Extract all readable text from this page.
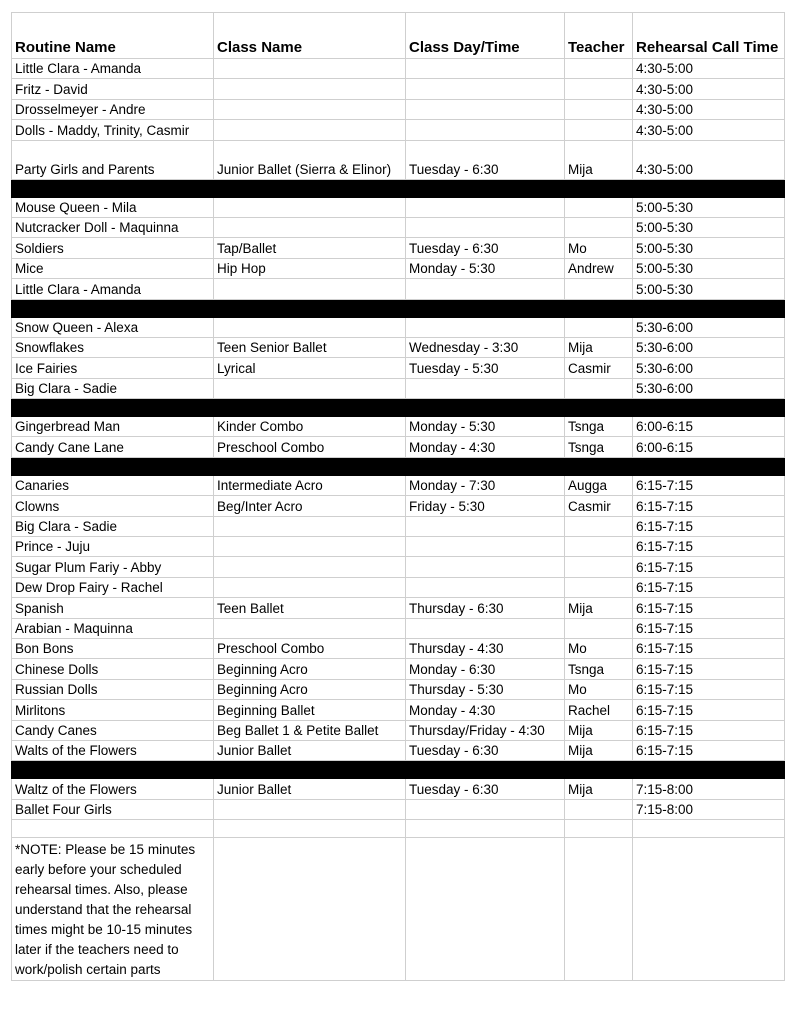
Routine Name	Class Name	Class Day/Time	Teacher	Rehearsal Call Time

Little Clara - Amanda				4:30-5:00
Fritz - David				4:30-5:00
Drosselmeyer - Andre				4:30-5:00
Dolls - Maddy, Trinity, Casmir				4:30-5:00
Party Girls and Parents	Junior Ballet (Sierra & Elinor)	Tuesday - 6:30	Mija	4:30-5:00

Mouse Queen - Mila				5:00-5:30
Nutcracker Doll - Maquinna				5:00-5:30
Soldiers	Tap/Ballet	Tuesday - 6:30	Mo	5:00-5:30
Mice	Hip Hop	Monday - 5:30	Andrew	5:00-5:30
Little Clara - Amanda				5:00-5:30

Snow Queen - Alexa				5:30-6:00
Snowflakes	Teen Senior Ballet	Wednesday - 3:30	Mija	5:30-6:00
Ice Fairies	Lyrical	Tuesday - 5:30	Casmir	5:30-6:00
Big Clara - Sadie				5:30-6:00

Gingerbread Man	Kinder Combo	Monday - 5:30	Tsnga	6:00-6:15
Candy Cane Lane	Preschool Combo	Monday - 4:30	Tsnga	6:00-6:15

Canaries	Intermediate Acro	Monday - 7:30	Augga	6:15-7:15
Clowns	Beg/Inter Acro	Friday - 5:30	Casmir	6:15-7:15
Big Clara - Sadie				6:15-7:15
Prince - Juju				6:15-7:15
Sugar Plum Fariy - Abby				6:15-7:15
Dew Drop Fairy - Rachel				6:15-7:15
Spanish	Teen Ballet	Thursday - 6:30	Mija	6:15-7:15
Arabian - Maquinna				6:15-7:15
Bon Bons	Preschool Combo	Thursday - 4:30	Mo	6:15-7:15
Chinese Dolls	Beginning Acro	Monday - 6:30	Tsnga	6:15-7:15
Russian Dolls	Beginning Acro	Thursday - 5:30	Mo	6:15-7:15
Mirlitons	Beginning Ballet	Monday - 4:30	Rachel	6:15-7:15
Candy Canes	Beg Ballet 1 & Petite Ballet	Thursday/Friday - 4:30	Mija	6:15-7:15
Walts of the Flowers	Junior Ballet	Tuesday - 6:30	Mija	6:15-7:15

Waltz of the Flowers	Junior Ballet	Tuesday - 6:30	Mija	7:15-8:00
Ballet Four Girls				7:15-8:00

*NOTE: Please be 15 minutes early before your scheduled rehearsal times. Also, please understand that the rehearsal times might be 10-15 minutes later if the teachers need to work/polish certain parts				
